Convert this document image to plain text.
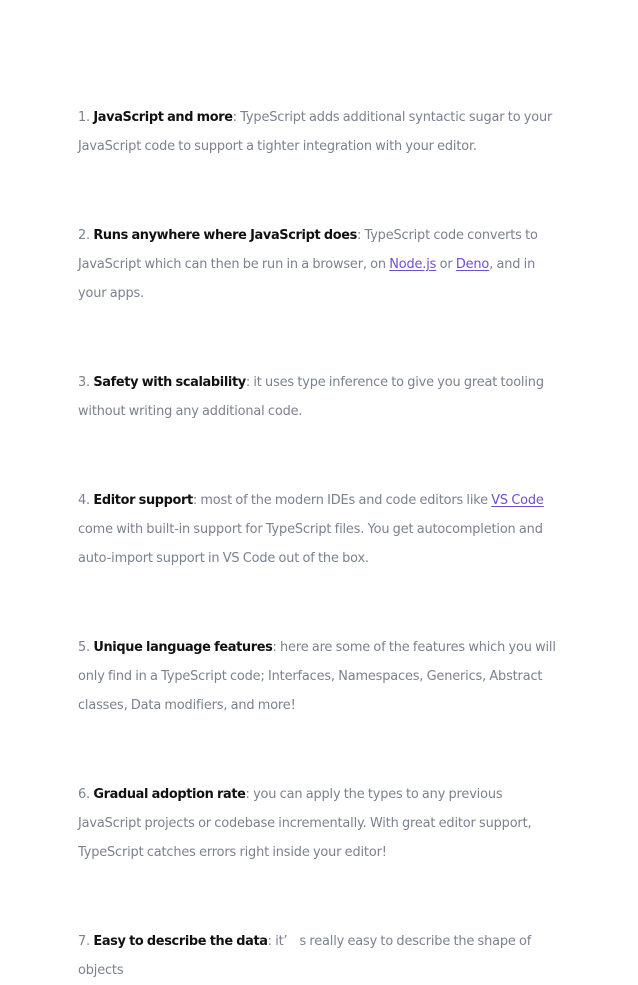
1. JavaScript and more: TypeScript adds additional syntactic sugar to your JavaScript code to support a tighter integration with your editor.

2. Runs anywhere where JavaScript does: TypeScript code converts to JavaScript which can then be run in a browser, on Node.js or Deno, and in your apps.

3. Safety with scalability: it uses type inference to give you great tooling without writing any additional code.

4. Editor support: most of the modern IDEs and code editors like VS Code come with built-in support for TypeScript files. You get autocompletion and auto-import support in VS Code out of the box.

5. Unique language features: here are some of the features which you will only find in a TypeScript code; Interfaces, Namespaces, Generics, Abstract classes, Data modifiers, and more!

6. Gradual adoption rate: you can apply the types to any previous JavaScript projects or codebase incrementally. With great editor support, TypeScript catches errors right inside your editor!

7. Easy to describe the data: it’ s really easy to describe the shape of objects
